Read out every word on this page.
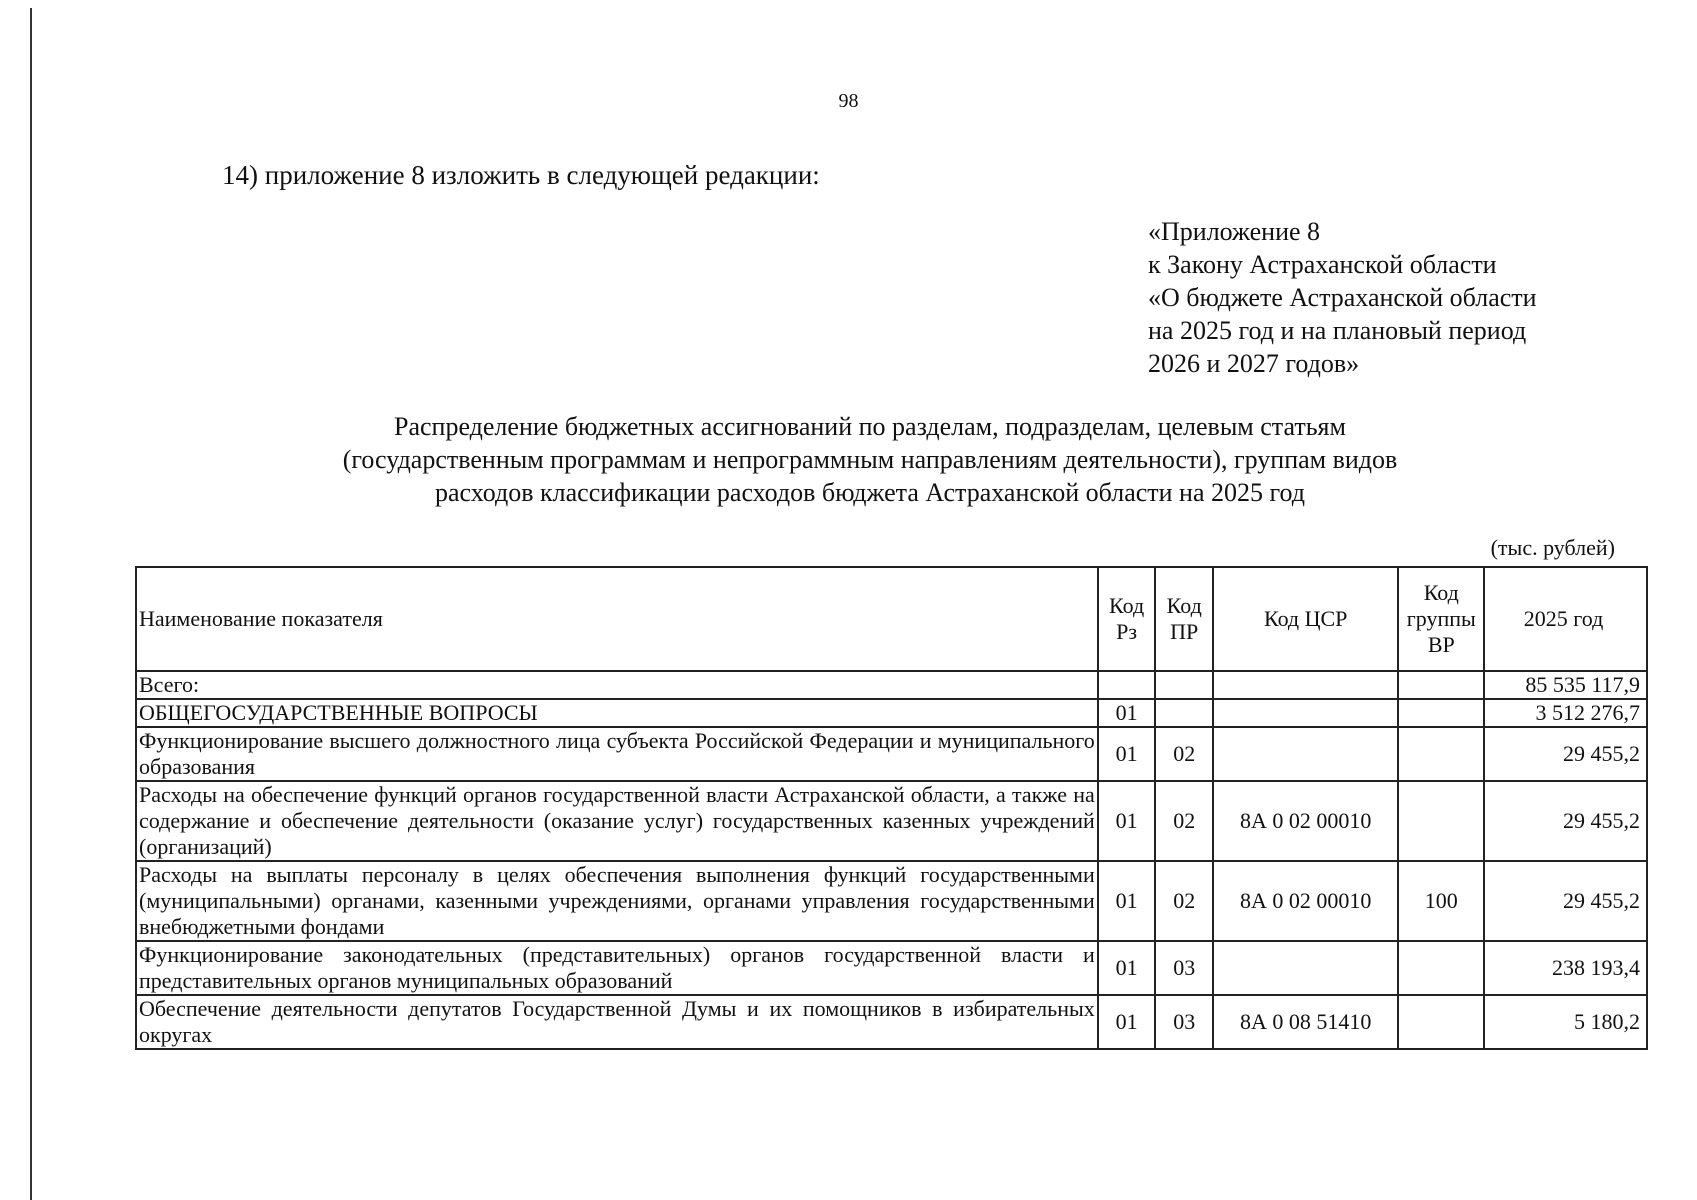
98
14) приложение 8 изложить в следующей редакции:
«Приложение 8
к Закону Астраханской области
«О бюджете Астраханской области
на 2025 год и на плановый период
2026 и 2027 годов»
Распределение бюджетных ассигнований по разделам, подразделам, целевым статьям
(государственным программам и непрограммным направлениям деятельности), группам видов
расходов классификации расходов бюджета Астраханской области на 2025 год
(тыс. рублей)
Наименование показателя	Код Рз	Код ПР	Код ЦСР	Код группы ВР	2025 год
Всего:					85 535 117,9
ОБЩЕГОСУДАРСТВЕННЫЕ ВОПРОСЫ	01				3 512 276,7
Функционирование высшего должностного лица субъекта Российской Федерации и муниципального образования	01	02			29 455,2
Расходы на обеспечение функций органов государственной власти Астраханской области, а также на содержание и обеспечение деятельности (оказание услуг) государственных казенных учреждений (организаций)	01	02	8А 0 02 00010		29 455,2
Расходы на выплаты персоналу в целях обеспечения выполнения функций государственными (муниципальными) органами, казенными учреждениями, органами управления государственными внебюджетными фондами	01	02	8А 0 02 00010	100	29 455,2
Функционирование законодательных (представительных) органов государственной власти и представительных органов муниципальных образований	01	03			238 193,4
Обеспечение деятельности депутатов Государственной Думы и их помощников в избирательных округах	01	03	8А 0 08 51410		5 180,2
